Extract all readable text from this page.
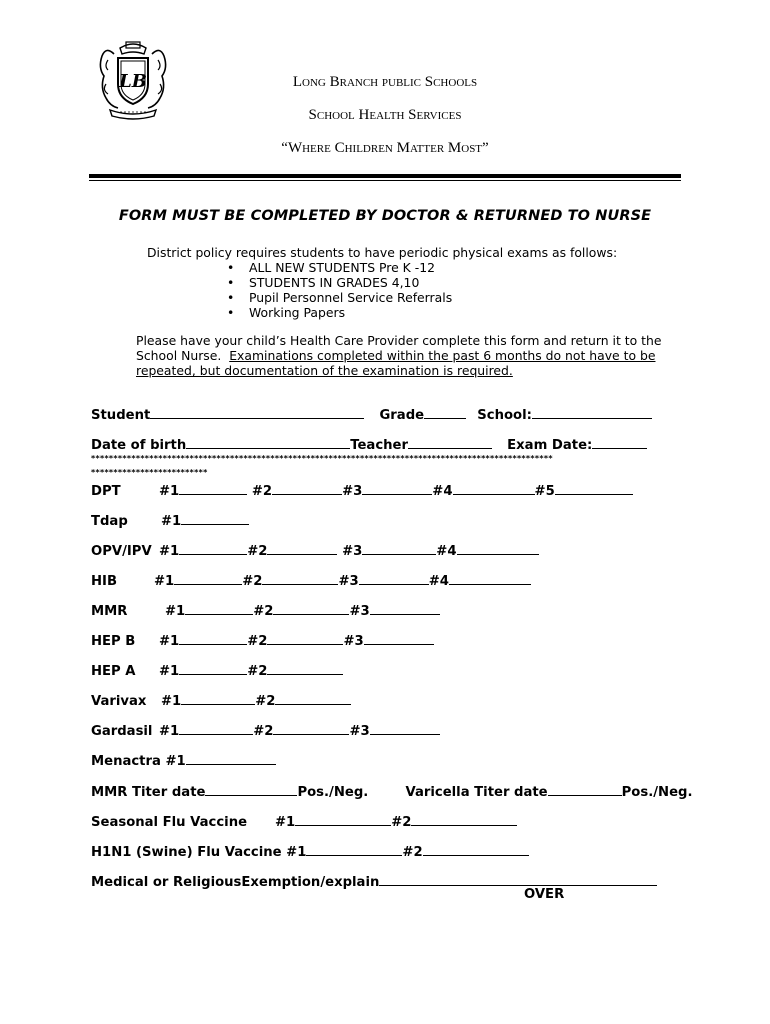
LB	Long Branch public Schools
School Health Services
“Where Children Matter Most”
FORM MUST BE COMPLETED BY DOCTOR & RETURNED TO NURSE
District policy requires students to have periodic physical exams as follows:
• ALL NEW STUDENTS Pre K -12
• STUDENTS IN GRADES 4,10
• Pupil Personnel Service Referrals
• Working Papers
Please have your child’s Health Care Provider complete this form and return it to the School Nurse. Examinations completed within the past 6 months do not have to be repeated, but documentation of the examination is required.
Student	Grade	School:
Date of birth	Teacher	Exam Date:
*******************************************************************************************************
**************************
DPT	#1	#2	#3	#4	#5
Tdap	#1
OPV/IPV #1	#2	#3	#4
HIB	#1	#2	#3	#4
MMR	#1	#2	#3
HEP B #1	#2	#3
HEP A #1	#2
Varivax #1	#2
Gardasil #1	#2	#3
Menactra #1
MMR Titer date	Pos./Neg.	Varicella Titer date	Pos./Neg.
Seasonal Flu Vaccine #1	#2
H1N1 (Swine) Flu Vaccine #1	#2
Medical or ReligiousExemption/explain
OVER
